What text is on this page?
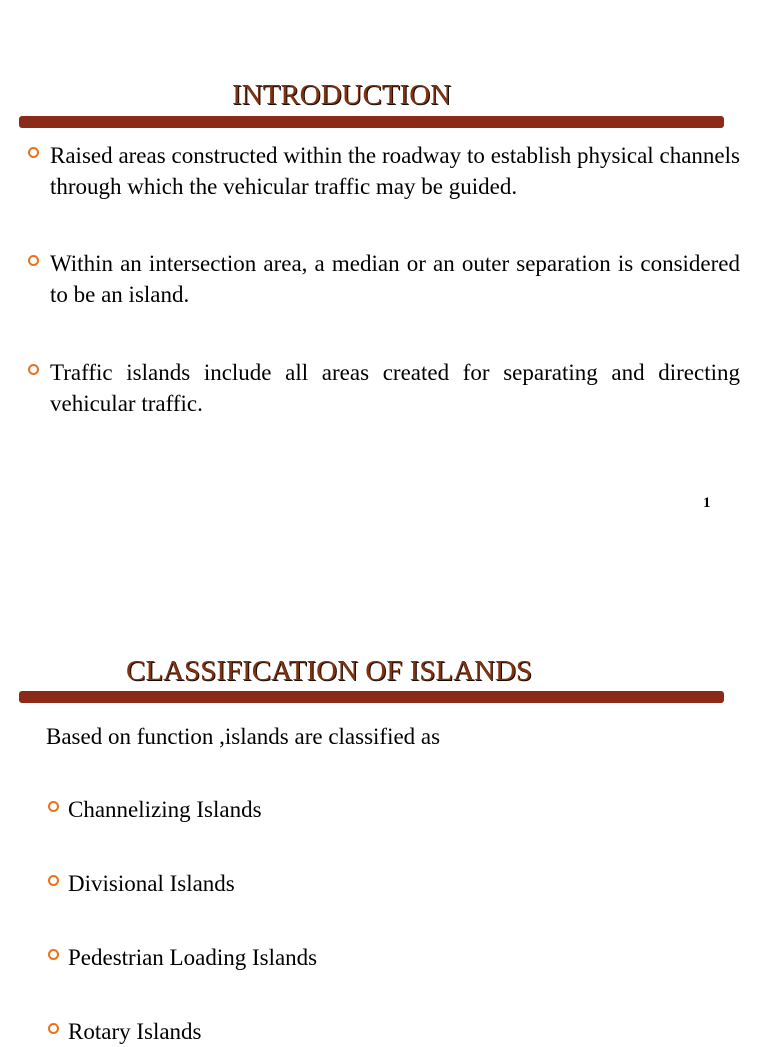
INTRODUCTION
Raised areas constructed within the roadway to establish physical channels through which the vehicular traffic may be guided.
Within an intersection area, a median or an outer separation is considered to be an island.
Traffic islands include all areas created for separating and directing vehicular traffic.
1
CLASSIFICATION OF ISLANDS

Based on function ,islands are classified as

Channelizing Islands
Divisional Islands
Pedestrian Loading Islands
Rotary Islands
